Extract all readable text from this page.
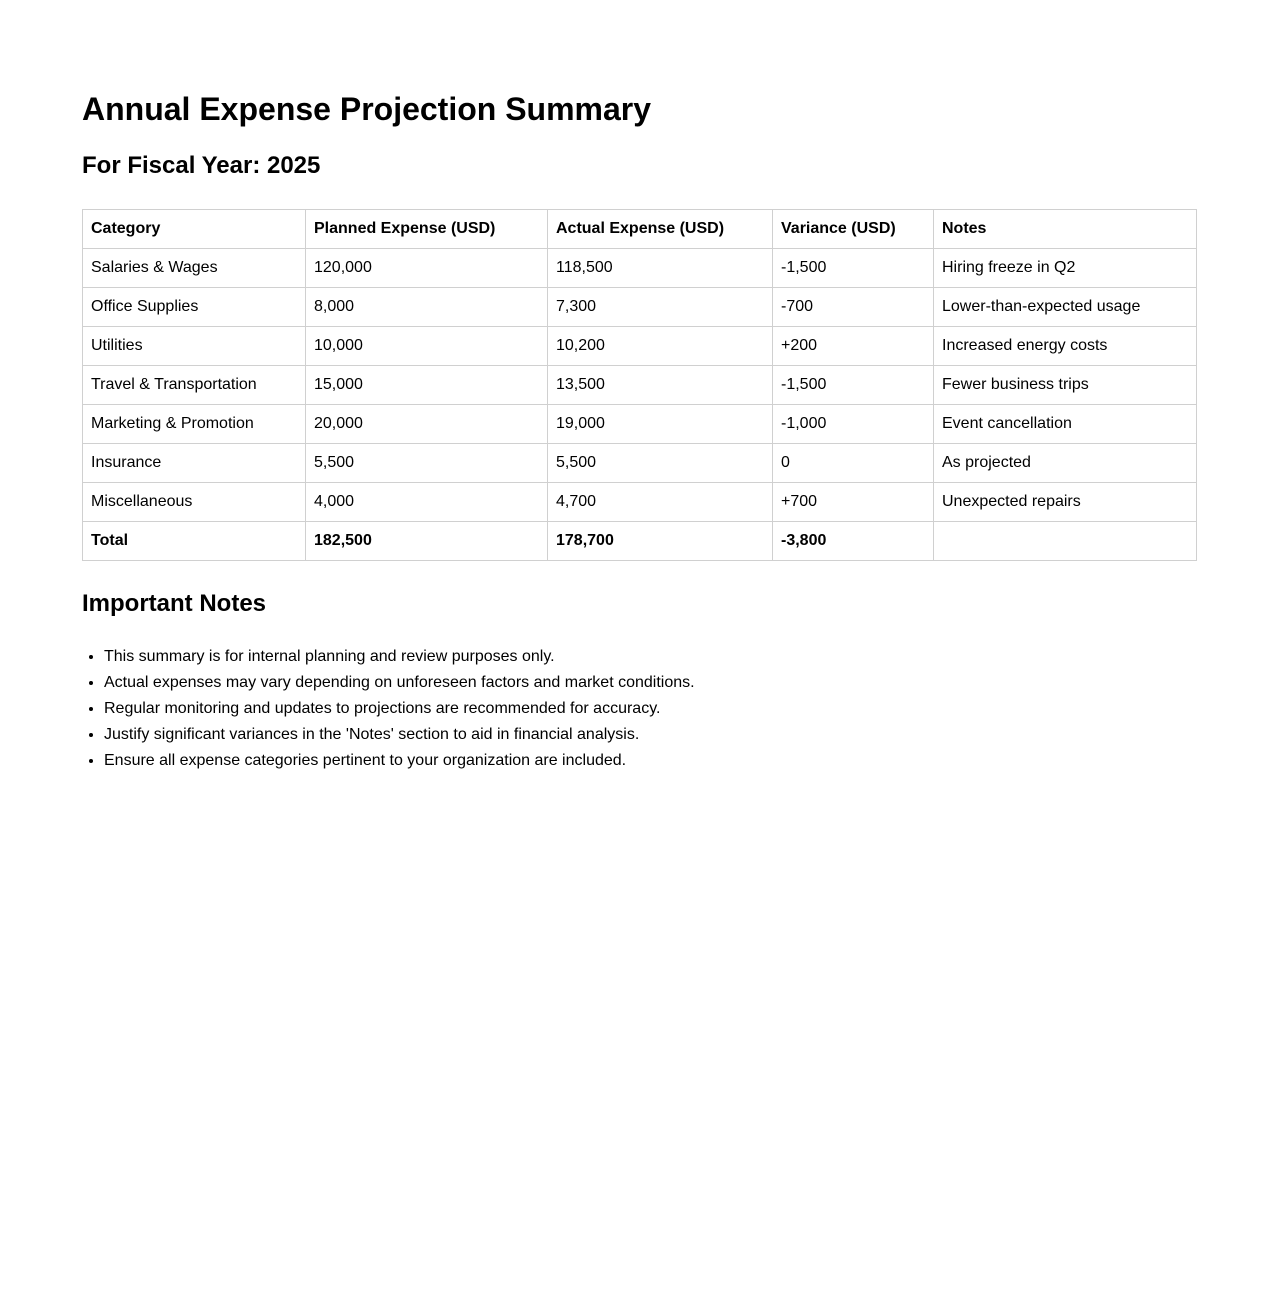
Annual Expense Projection Summary
For Fiscal Year: 2025
Category	Planned Expense (USD)	Actual Expense (USD)	Variance (USD)	Notes
Salaries & Wages	120,000	118,500	-1,500	Hiring freeze in Q2
Office Supplies	8,000	7,300	-700	Lower-than-expected usage
Utilities	10,000	10,200	+200	Increased energy costs
Travel & Transportation	15,000	13,500	-1,500	Fewer business trips
Marketing & Promotion	20,000	19,000	-1,000	Event cancellation
Insurance	5,500	5,500	0	As projected
Miscellaneous	4,000	4,700	+700	Unexpected repairs
Total	182,500	178,700	-3,800	
Important Notes
• This summary is for internal planning and review purposes only.
• Actual expenses may vary depending on unforeseen factors and market conditions.
• Regular monitoring and updates to projections are recommended for accuracy.
• Justify significant variances in the 'Notes' section to aid in financial analysis.
• Ensure all expense categories pertinent to your organization are included.
